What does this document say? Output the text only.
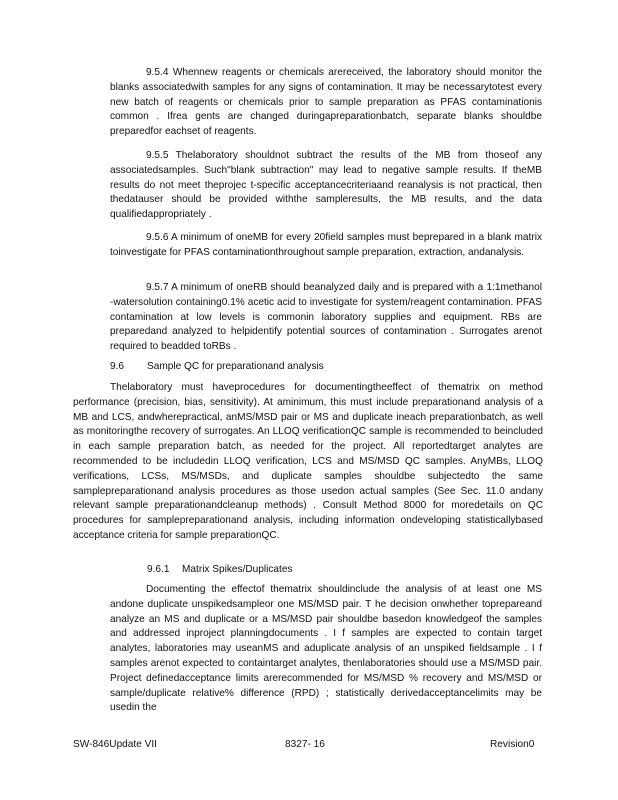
9.5.4 Whennew reagents or chemicals arereceived, the laboratory should monitor the blanks associatedwith samples for any signs of contamination. It may be necessarytotest every new batch of reagents or chemicals prior to sample preparation as PFAS contaminationis common . Ifrea gents are changed duringapreparationbatch, separate blanks shouldbe preparedfor eachset of reagents.

9.5.5 Thelaboratory shouldnot subtract the results of the MB from thoseof any associatedsamples. Such"blank subtraction" may lead to negative sample results. If theMB results do not meet theprojec t-specific acceptancecriteriaand reanalysis is not practical, then thedatauser should be provided withthe sampleresults, the MB results, and the data qualifiedappropriately .

9.5.6 A minimum of oneMB for every 20field samples must beprepared in a blank matrix toinvestigate for PFAS contaminationthroughout sample preparation, extraction, andanalysis.

9.5.7 A minimum of oneRB should beanalyzed daily and is prepared with a 1:1methanol -watersolution containing0.1% acetic acid to investigate for system/reagent contamination. PFAS contamination at low levels is commonin laboratory supplies and equipment. RBs are preparedand analyzed to helpidentify potential sources of contamination . Surrogates arenot required to beadded toRBs .

9.6 Sample QC for preparationand analysis

Thelaboratory must haveprocedures for documentingtheeffect of thematrix on method performance (precision, bias, sensitivity). At aminimum, this must include preparationand analysis of a MB and LCS, andwherepractical, anMS/MSD pair or MS and duplicate ineach preparationbatch, as well as monitoringthe recovery of surrogates. An LLOQ verificationQC sample is recommended to beincluded in each sample preparation batch, as needed for the project. All reportedtarget analytes are recommended to be includedin LLOQ verification, LCS and MS/MSD QC samples. AnyMBs, LLOQ verifications, LCSs, MS/MSDs, and duplicate samples shouldbe subjectedto the same samplepreparationand analysis procedures as those usedon actual samples (See Sec. 11.0 andany relevant sample preparationandcleanup methods) . Consult Method 8000 for moredetails on QC procedures for samplepreparationand analysis, including information ondeveloping statisticallybased acceptance criteria for sample preparationQC.

9.6.1 Matrix Spikes/Duplicates

Documenting the effectof thematrix shouldinclude the analysis of at least one MS andone duplicate unspikedsampleor one MS/MSD pair. T he decision onwhether toprepareand analyze an MS and duplicate or a MS/MSD pair shouldbe basedon knowledgeof the samples and addressed inproject planningdocuments . I f samples are expected to contain target analytes, laboratories may useanMS and aduplicate analysis of an unspiked fieldsample . I f samples arenot expected to containtarget analytes, thenlaboratories should use a MS/MSD pair. Project definedacceptance limits arerecommended for MS/MSD % recovery and MS/MSD or sample/duplicate relative% difference (RPD) ; statistically derivedacceptancelimits may be usedin the

SW-846Update VII	8327- 16	Revision0
